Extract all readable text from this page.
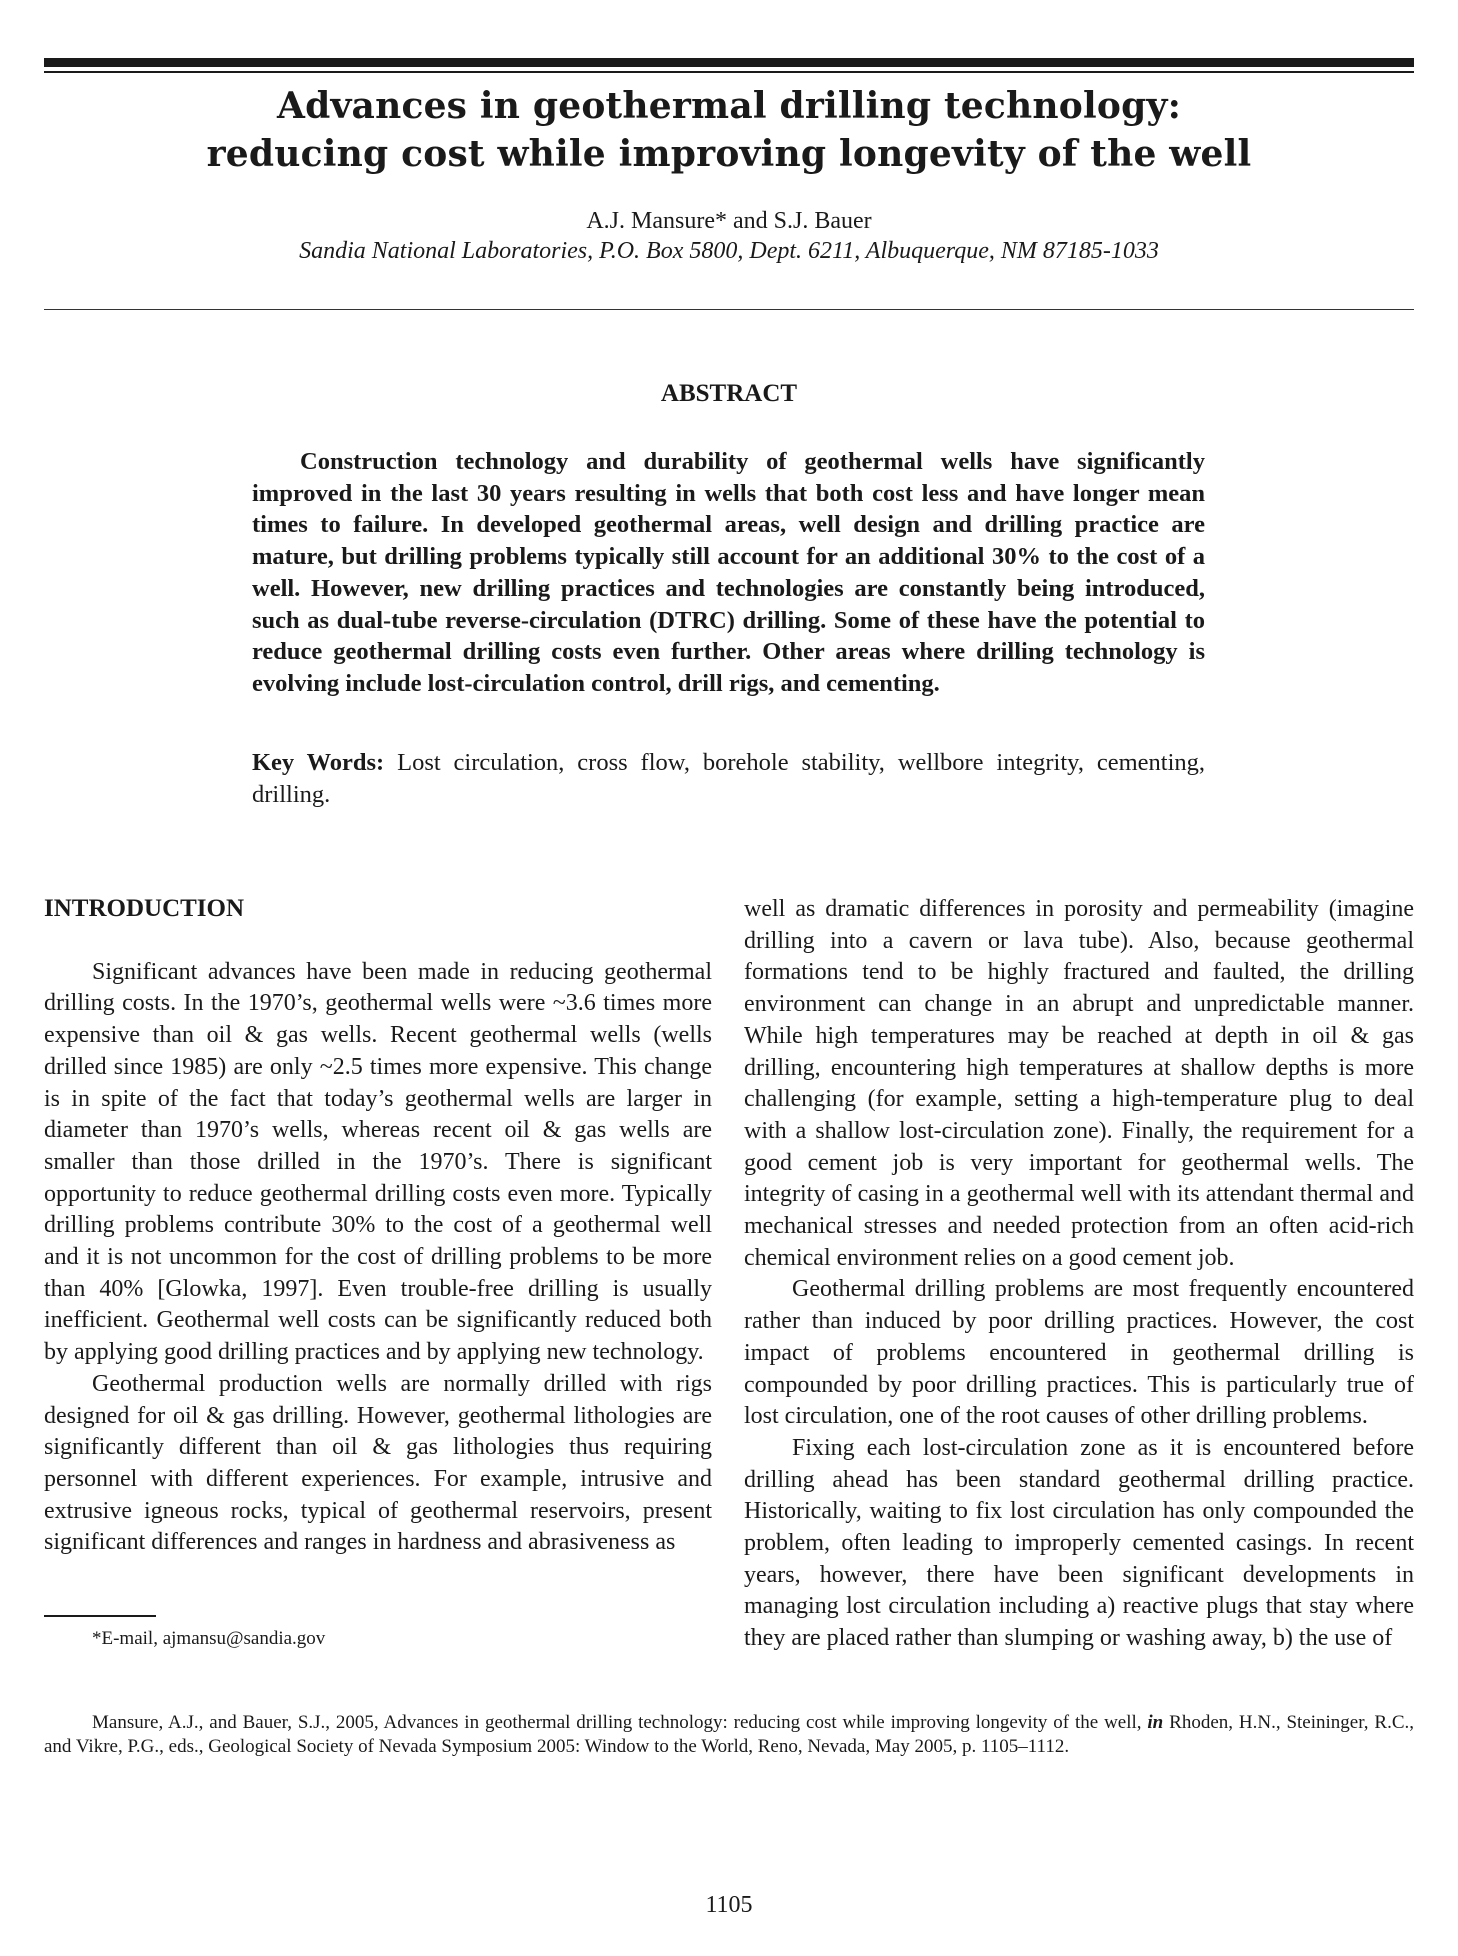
Advances in geothermal drilling technology:
reducing cost while improving longevity of the well
A.J. Mansure* and S.J. Bauer
Sandia National Laboratories, P.O. Box 5800, Dept. 6211, Albuquerque, NM 87185-1033
ABSTRACT
Construction technology and durability of geothermal wells have significantly improved in the last 30 years resulting in wells that both cost less and have longer mean times to failure. In developed geothermal areas, well design and drilling practice are mature, but drilling problems typically still account for an additional 30% to the cost of a well. However, new drilling practices and technologies are constantly being introduced, such as dual-tube reverse-circulation (DTRC) drilling. Some of these have the potential to reduce geothermal drilling costs even further. Other areas where drilling technology is evolving include lost-circulation control, drill rigs, and cementing.
Key Words: Lost circulation, cross flow, borehole stability, wellbore integrity, cementing, drilling.
INTRODUCTION

Significant advances have been made in reducing geothermal drilling costs. In the 1970’s, geothermal wells were ~3.6 times more expensive than oil & gas wells. Recent geothermal wells (wells drilled since 1985) are only ~2.5 times more expensive. This change is in spite of the fact that today’s geothermal wells are larger in diameter than 1970’s wells, whereas recent oil & gas wells are smaller than those drilled in the 1970’s. There is significant opportunity to reduce geothermal drilling costs even more. Typically drilling problems contribute 30% to the cost of a geothermal well and it is not uncommon for the cost of drilling problems to be more than 40% [Glowka, 1997]. Even trouble-free drilling is usually inefficient. Geothermal well costs can be significantly reduced both by applying good drilling practices and by applying new technology.

Geothermal production wells are normally drilled with rigs designed for oil & gas drilling. However, geothermal lithologies are significantly different than oil & gas lithologies thus requiring personnel with different experiences. For example, intrusive and extrusive igneous rocks, typical of geothermal reservoirs, present significant differences and ranges in hardness and abrasiveness as

well as dramatic differences in porosity and permeability (imagine drilling into a cavern or lava tube). Also, because geothermal formations tend to be highly fractured and faulted, the drilling environment can change in an abrupt and unpredictable manner. While high temperatures may be reached at depth in oil & gas drilling, encountering high temperatures at shallow depths is more challenging (for example, setting a high-temperature plug to deal with a shallow lost-circulation zone). Finally, the requirement for a good cement job is very important for geothermal wells. The integrity of casing in a geothermal well with its attendant thermal and mechanical stresses and needed protection from an often acid-rich chemical environment relies on a good cement job.

Geothermal drilling problems are most frequently encountered rather than induced by poor drilling practices. However, the cost impact of problems encountered in geothermal drilling is compounded by poor drilling practices. This is particularly true of lost circulation, one of the root causes of other drilling problems.

Fixing each lost-circulation zone as it is encountered before drilling ahead has been standard geothermal drilling practice. Historically, waiting to fix lost circulation has only compounded the problem, often leading to improperly cemented casings. In recent years, however, there have been significant developments in managing lost circulation including a) reactive plugs that stay where they are placed rather than slumping or washing away, b) the use of

*E-mail, ajmansu@sandia.gov
Mansure, A.J., and Bauer, S.J., 2005, Advances in geothermal drilling technology: reducing cost while improving longevity of the well, in Rhoden, H.N., Steininger, R.C., and Vikre, P.G., eds., Geological Society of Nevada Symposium 2005: Window to the World, Reno, Nevada, May 2005, p. 1105–1112.
1105
